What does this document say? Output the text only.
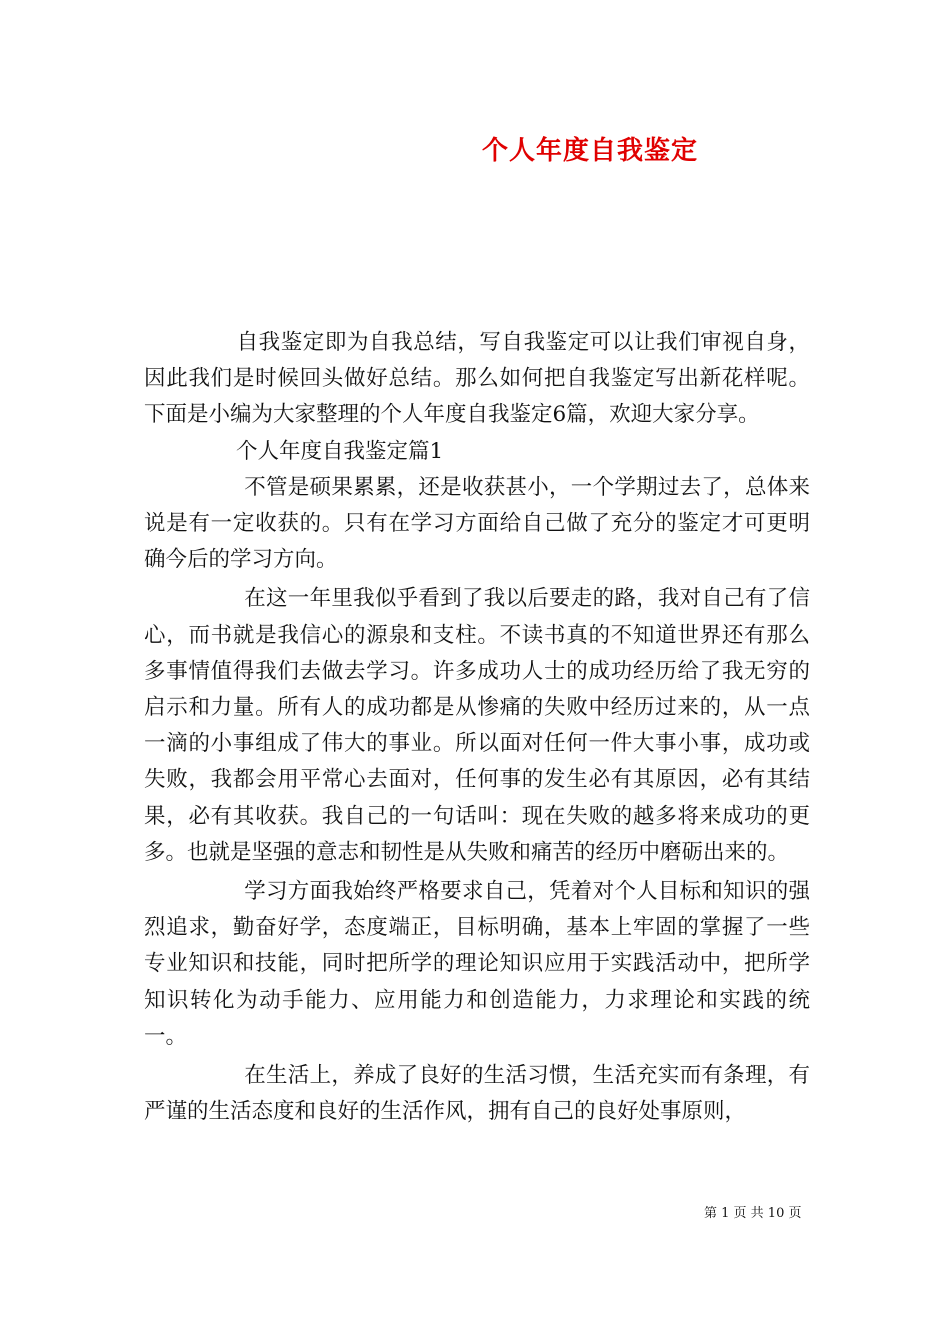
个人年度自我鉴定

自我鉴定即为自我总结，写自我鉴定可以让我们审视自身，因此我们是时候回头做好总结。那么如何把自我鉴定写出新花样呢。下面是小编为大家整理的个人年度自我鉴定6篇，欢迎大家分享。

个人年度自我鉴定篇1

不管是硕果累累，还是收获甚小，一个学期过去了，总体来说是有一定收获的。只有在学习方面给自己做了充分的鉴定才可更明确今后的学习方向。

在这一年里我似乎看到了我以后要走的路，我对自己有了信心，而书就是我信心的源泉和支柱。不读书真的不知道世界还有那么多事情值得我们去做去学习。许多成功人士的成功经历给了我无穷的启示和力量。所有人的成功都是从惨痛的失败中经历过来的，从一点一滴的小事组成了伟大的事业。所以面对任何一件大事小事，成功或失败，我都会用平常心去面对，任何事的发生必有其原因，必有其结果，必有其收获。我自己的一句话叫：现在失败的越多将来成功的更多。也就是坚强的意志和韧性是从失败和痛苦的经历中磨砺出来的。

学习方面我始终严格要求自己，凭着对个人目标和知识的强烈追求，勤奋好学，态度端正，目标明确，基本上牢固的掌握了一些专业知识和技能，同时把所学的理论知识应用于实践活动中，把所学知识转化为动手能力、应用能力和创造能力，力求理论和实践的统一。

在生活上，养成了良好的生活习惯，生活充实而有条理，有严谨的生活态度和良好的生活作风，拥有自己的良好处事原则，

第 1 页 共 10 页
